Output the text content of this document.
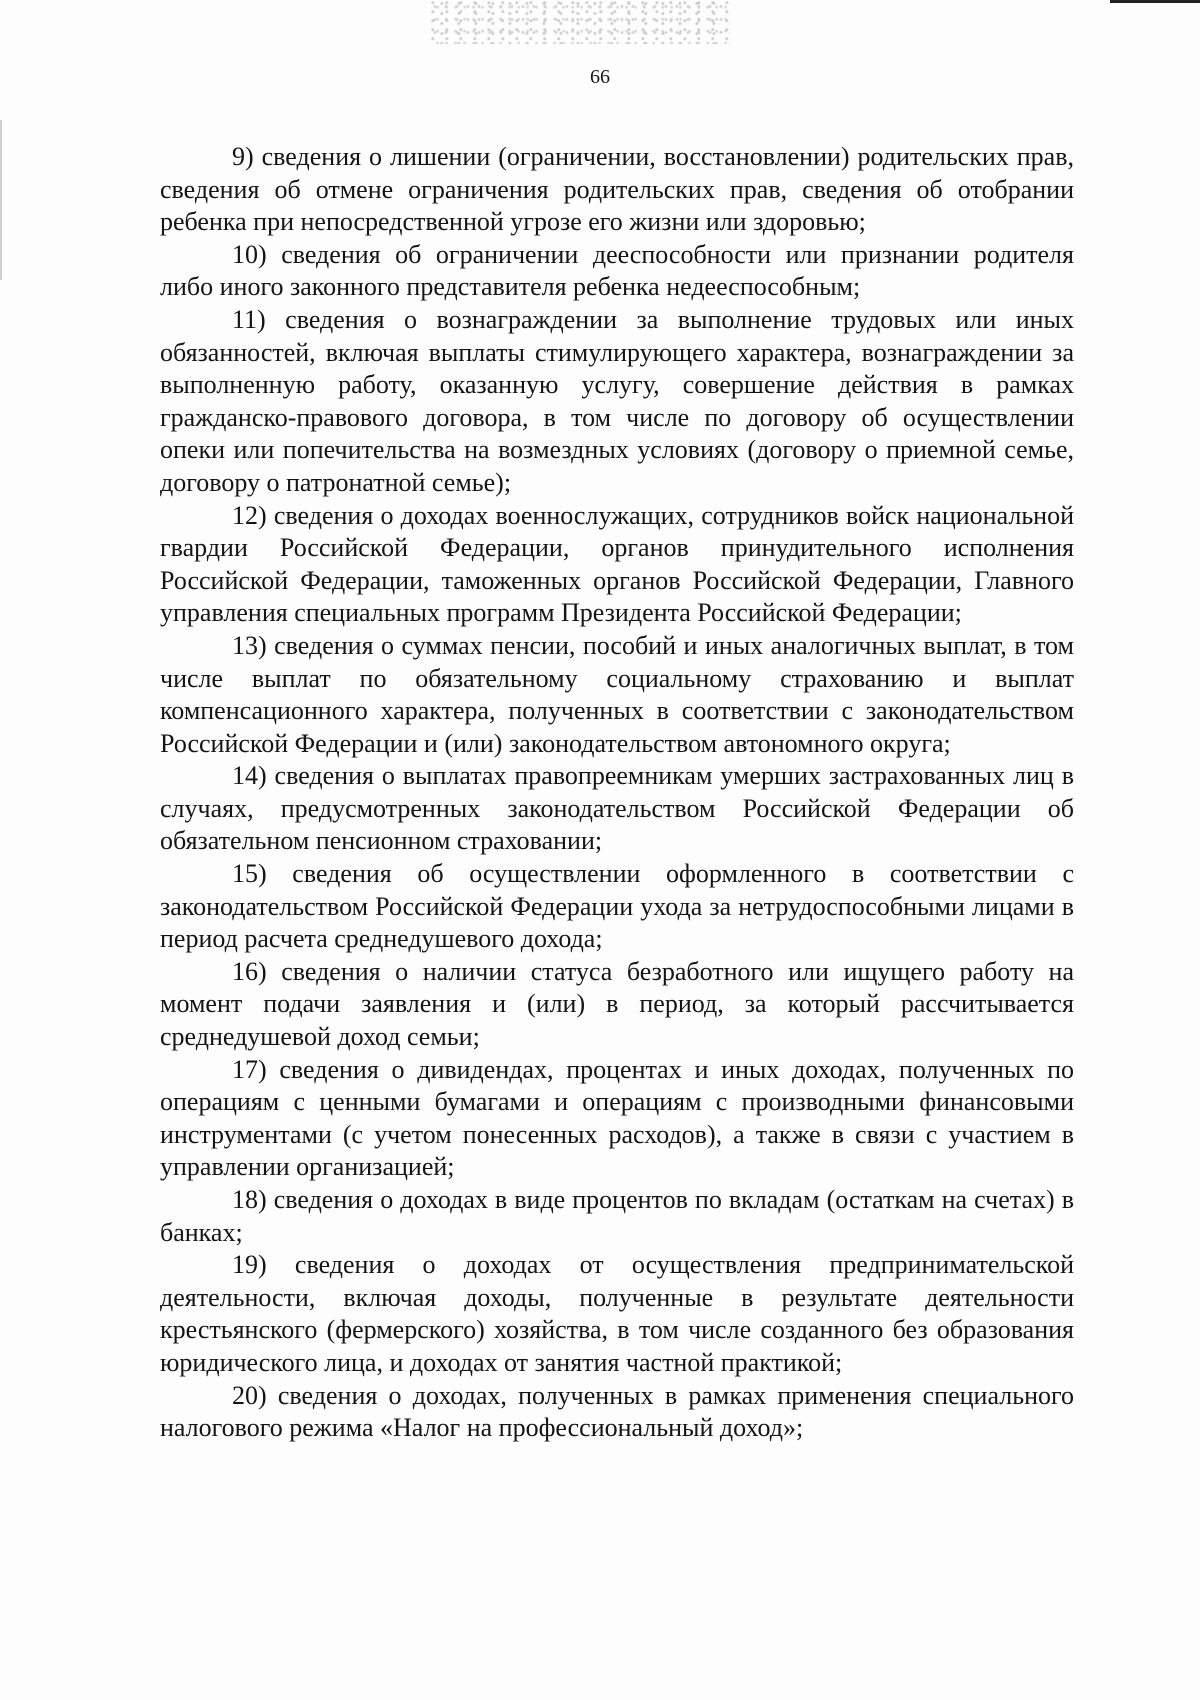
66

9) сведения о лишении (ограничении, восстановлении) родительских прав, сведения об отмене ограничения родительских прав, сведения об отобрании ребенка при непосредственной угрозе его жизни или здоровью;

10) сведения об ограничении дееспособности или признании родителя либо иного законного представителя ребенка недееспособным;

11) сведения о вознаграждении за выполнение трудовых или иных обязанностей, включая выплаты стимулирующего характера, вознаграждении за выполненную работу, оказанную услугу, совершение действия в рамках гражданско-правового договора, в том числе по договору об осуществлении опеки или попечительства на возмездных условиях (договору о приемной семье, договору о патронатной семье);

12) сведения о доходах военнослужащих, сотрудников войск национальной гвардии Российской Федерации, органов принудительного исполнения Российской Федерации, таможенных органов Российской Федерации, Главного управления специальных программ Президента Российской Федерации;

13) сведения о суммах пенсии, пособий и иных аналогичных выплат, в том числе выплат по обязательному социальному страхованию и выплат компенсационного характера, полученных в соответствии с законодательством Российской Федерации и (или) законодательством автономного округа;

14) сведения о выплатах правопреемникам умерших застрахованных лиц в случаях, предусмотренных законодательством Российской Федерации об обязательном пенсионном страховании;

15) сведения об осуществлении оформленного в соответствии с законодательством Российской Федерации ухода за нетрудоспособными лицами в период расчета среднедушевого дохода;

16) сведения о наличии статуса безработного или ищущего работу на момент подачи заявления и (или) в период, за который рассчитывается среднедушевой доход семьи;

17) сведения о дивидендах, процентах и иных доходах, полученных по операциям с ценными бумагами и операциям с производными финансовыми инструментами (с учетом понесенных расходов), а также в связи с участием в управлении организацией;

18) сведения о доходах в виде процентов по вкладам (остаткам на счетах) в банках;

19) сведения о доходах от осуществления предпринимательской деятельности, включая доходы, полученные в результате деятельности крестьянского (фермерского) хозяйства, в том числе созданного без образования юридического лица, и доходах от занятия частной практикой;

20) сведения о доходах, полученных в рамках применения специального налогового режима «Налог на профессиональный доход»;
